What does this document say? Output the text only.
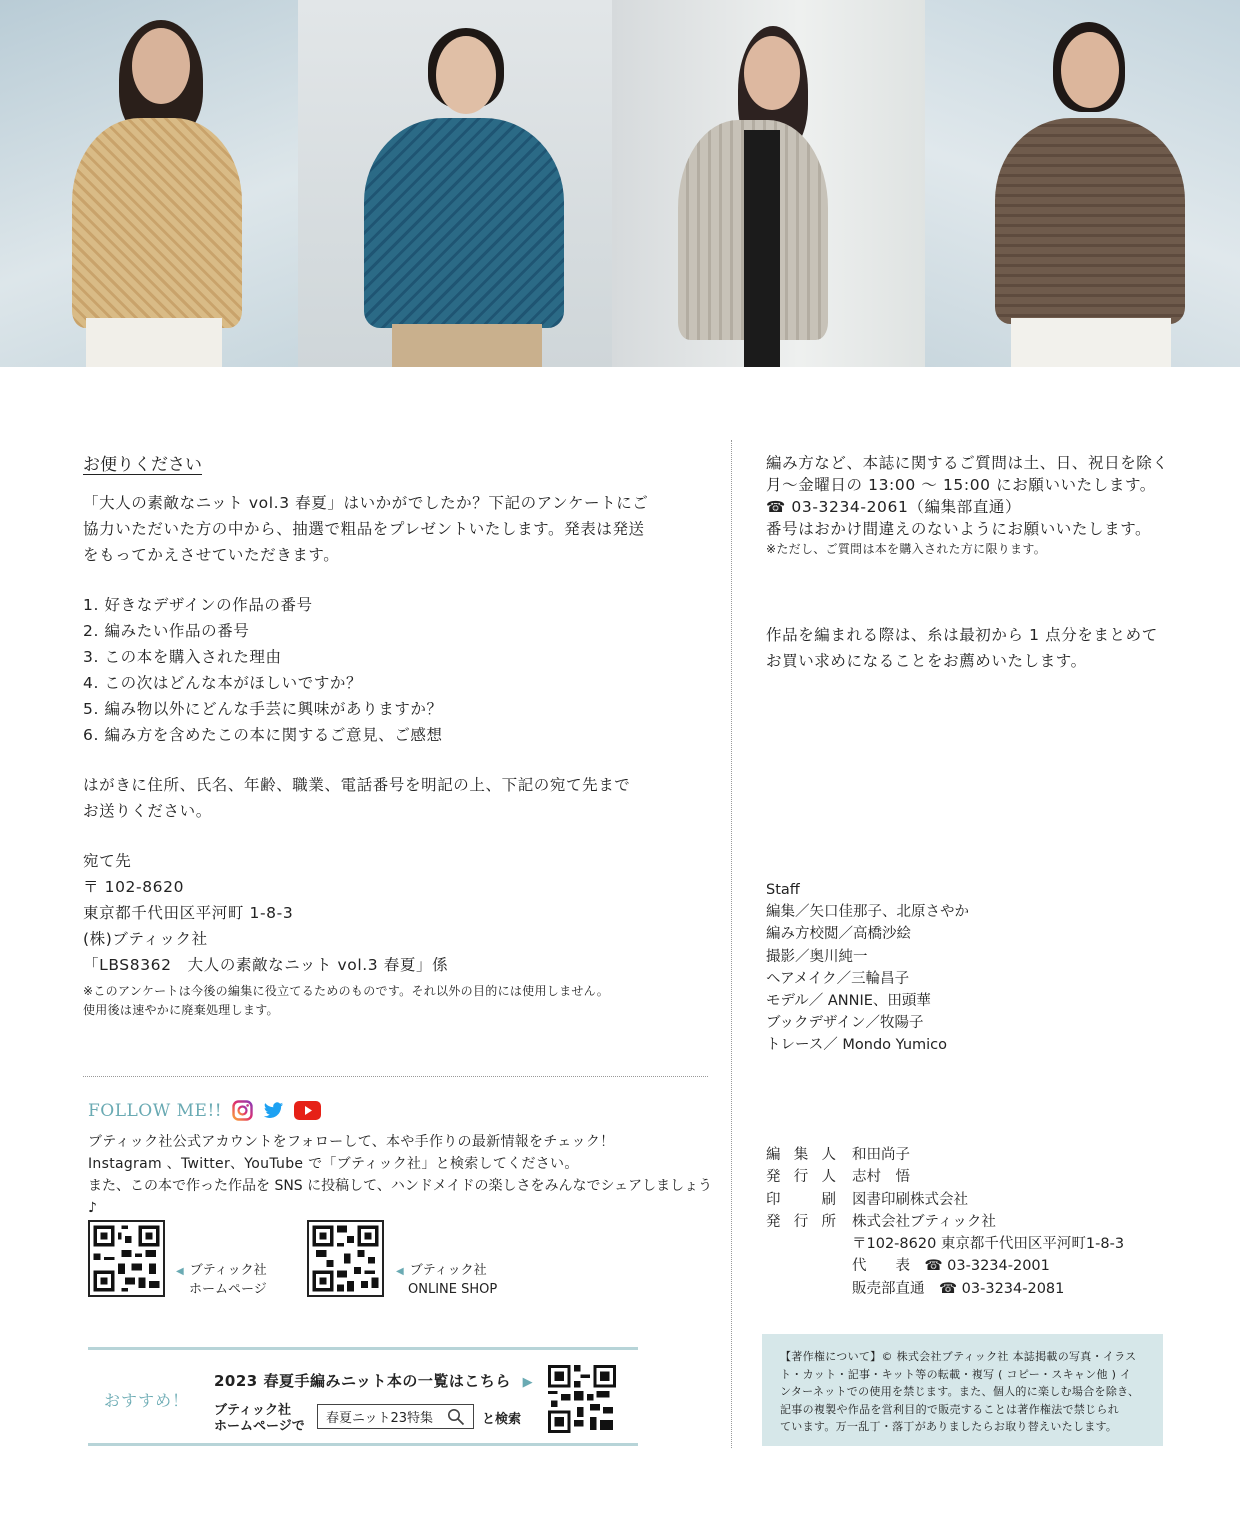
お便りください
「大人の素敵なニット vol.3 春夏」はいかがでしたか？下記のアンケートにご
協力いただいた方の中から、抽選で粗品をプレゼントいたします。発表は発送
をもってかえさせていただきます。
1. 好きなデザインの作品の番号
2. 編みたい作品の番号
3. この本を購入された理由
4. この次はどんな本がほしいですか？
5. 編み物以外にどんな手芸に興味がありますか？
6. 編み方を含めたこの本に関するご意見、ご感想
はがきに住所、氏名、年齢、職業、電話番号を明記の上、下記の宛て先まで
お送りください。
宛て先
〒 102-8620
東京都千代田区平河町 1-8-3
(株)ブティック社
「LBS8362　大人の素敵なニット vol.3 春夏」係
※このアンケートは今後の編集に役立てるためのものです。それ以外の目的には使用しません。
使用後は速やかに廃棄処理します。
FOLLOW ME!!
ブティック社公式アカウントをフォローして、本や手作りの最新情報をチェック！
Instagram 、Twitter、YouTube で「ブティック社」と検索してください。
また、この本で作った作品を SNS に投稿して、ハンドメイドの楽しさをみんなでシェアしましょう♪
◀ ブティック社
ホームページ
◀ ブティック社
ONLINE SHOP
おすすめ！
2023 春夏手編みニット本の一覧はこちら ▶
ブティック社
ホームページで
春夏ニット23特集	と検索
編み方など、本誌に関するご質問は土、日、祝日を除く
月～金曜日の 13:00 ～ 15:00 にお願いいたします。
☎ 03-3234-2061（編集部直通）
番号はおかけ間違えのないようにお願いいたします。
※ただし、ご質問は本を購入された方に限ります。
作品を編まれる際は、糸は最初から 1 点分をまとめて
お買い求めになることをお薦めいたします。
Staff
編集／矢口佳那子、北原さやか
編み方校閲／高橋沙絵
撮影／奥川純一
ヘアメイク／三輪昌子
モデル／ ANNIE、田頭華
ブックデザイン／牧陽子
トレース／ Mondo Yumico
編 集 人 和田尚子
発 行 人 志村　悟
印	刷 図書印刷株式会社
発 行 所 株式会社ブティック社
〒102-8620 東京都千代田区平河町1-8-3
代　　表　☎ 03-3234-2001
販売部直通　☎ 03-3234-2081
【著作権について】© 株式会社ブティック社 本誌掲載の写真・イラス
ト・カット・記事・キット等の転載・複写 ( コピー・スキャン他 ) イ
ンターネットでの使用を禁じます。また、個人的に楽しむ場合を除き、
記事の複製や作品を営利目的で販売することは著作権法で禁じられ
ています。万一乱丁・落丁がありましたらお取り替えいたします。
